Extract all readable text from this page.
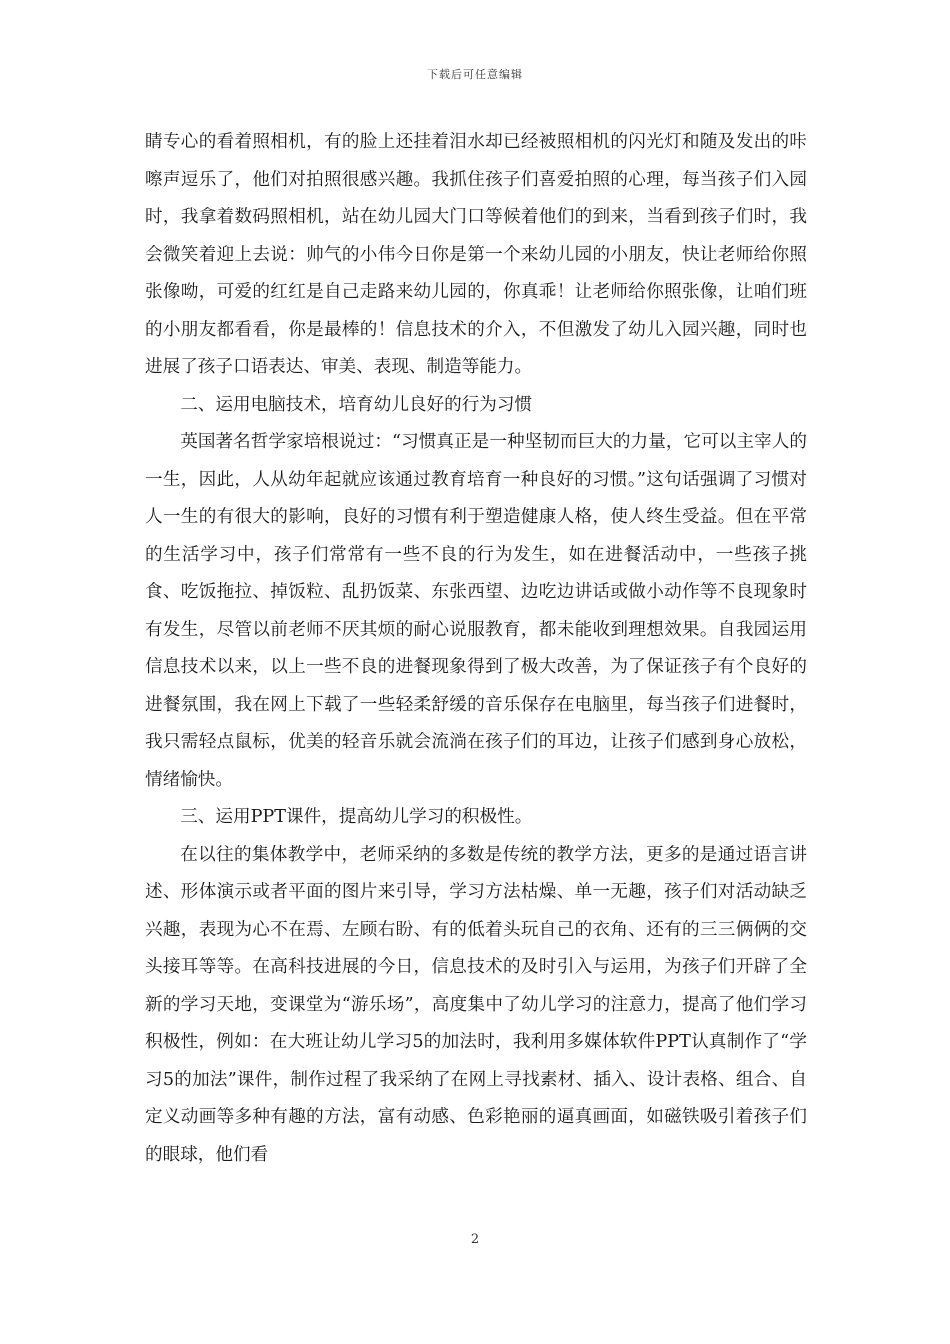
下载后可任意编辑

睛专心的看着照相机，有的脸上还挂着泪水却已经被照相机的闪光灯和随及发出的咔嚓声逗乐了，他们对拍照很感兴趣。我抓住孩子们喜爱拍照的心理，每当孩子们入园时，我拿着数码照相机，站在幼儿园大门口等候着他们的到来，当看到孩子们时，我会微笑着迎上去说：帅气的小伟今日你是第一个来幼儿园的小朋友，快让老师给你照张像呦，可爱的红红是自己走路来幼儿园的，你真乖！让老师给你照张像，让咱们班的小朋友都看看，你是最棒的！信息技术的介入，不但激发了幼儿入园兴趣，同时也进展了孩子口语表达、审美、表现、制造等能力。

二、运用电脑技术，培育幼儿良好的行为习惯

英国著名哲学家培根说过：“习惯真正是一种坚韧而巨大的力量，它可以主宰人的一生，因此，人从幼年起就应该通过教育培育一种良好的习惯。”这句话强调了习惯对人一生的有很大的影响，良好的习惯有利于塑造健康人格，使人终生受益。但在平常的生活学习中，孩子们常常有一些不良的行为发生，如在进餐活动中，一些孩子挑食、吃饭拖拉、掉饭粒、乱扔饭菜、东张西望、边吃边讲话或做小动作等不良现象时有发生，尽管以前老师不厌其烦的耐心说服教育，都未能收到理想效果。自我园运用信息技术以来，以上一些不良的进餐现象得到了极大改善，为了保证孩子有个良好的进餐氛围，我在网上下载了一些轻柔舒缓的音乐保存在电脑里，每当孩子们进餐时，我只需轻点鼠标，优美的轻音乐就会流淌在孩子们的耳边，让孩子们感到身心放松，情绪愉快。

三、运用PPT课件，提高幼儿学习的积极性。

在以往的集体教学中，老师采纳的多数是传统的教学方法，更多的是通过语言讲述、形体演示或者平面的图片来引导，学习方法枯燥、单一无趣，孩子们对活动缺乏兴趣，表现为心不在焉、左顾右盼、有的低着头玩自己的衣角、还有的三三俩俩的交头接耳等等。在高科技进展的今日，信息技术的及时引入与运用，为孩子们开辟了全新的学习天地，变课堂为“游乐场”，高度集中了幼儿学习的注意力，提高了他们学习积极性，例如：在大班让幼儿学习5的加法时，我利用多媒体软件PPT认真制作了“学习5的加法”课件，制作过程了我采纳了在网上寻找素材、插入、设计表格、组合、自定义动画等多种有趣的方法，富有动感、色彩艳丽的逼真画面，如磁铁吸引着孩子们的眼球，他们看

2
